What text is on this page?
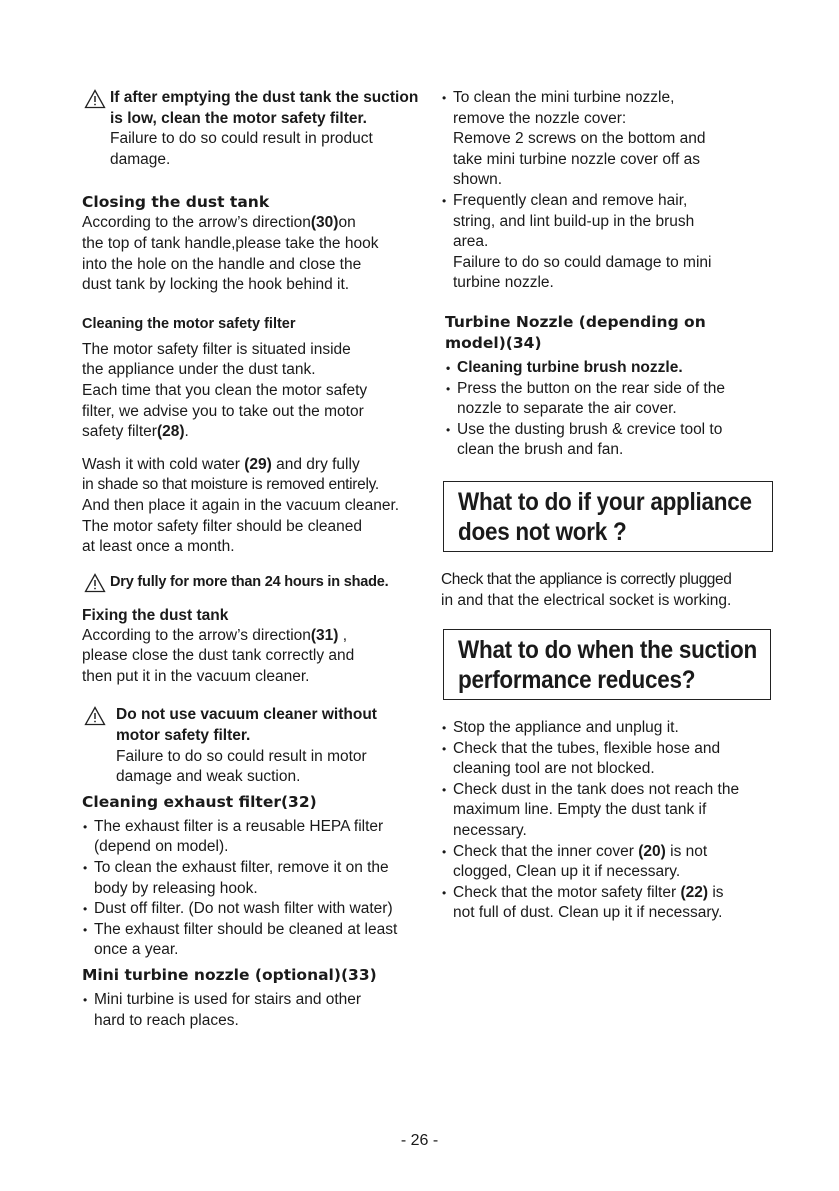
If after emptying the dust tank the suction

is low, clean the motor safety filter.

Failure to do so could result in product

damage.

Closing the dust tank

According to the arrow’s direction(30)on

the top of tank handle,please take the hook

into the hole on the handle and close the

dust tank by locking the hook behind it.

Cleaning the motor safety filter

The motor safety filter is situated inside

the appliance under the dust tank.

Each time that you clean the motor safety

filter, we advise you to take out the motor

safety filter(28).

Wash it with cold water (29) and dry fully

in shade so that moisture is removed entirely.

And then place it again in the vacuum cleaner.

The motor safety filter should be cleaned

at least once a month.

Dry fully for more than 24 hours in shade.

Fixing the dust tank

According to the arrow’s direction(31) ,

please close the dust tank correctly and

then put it in the vacuum cleaner.

Do not use vacuum cleaner without

motor safety filter.

Failure to do so could result in motor

damage and weak suction.

Cleaning exhaust filter(32)

• The exhaust filter is a reusable HEPA filter
(depend on model).
• To clean the exhaust filter, remove it on the
body by releasing hook.
• Dust off filter. (Do not wash filter with water)
• The exhaust filter should be cleaned at least
once a year.

Mini turbine nozzle (optional)(33)

• Mini turbine is used for stairs and other
hard to reach places.
• To clean the mini turbine nozzle,
remove the nozzle cover:
Remove 2 screws on the bottom and
take mini turbine nozzle cover off as
shown.
• Frequently clean and remove hair,
string, and lint build-up in the brush
area.
Failure to do so could damage to mini
turbine nozzle.

Turbine Nozzle (depending on

model)(34)

• Cleaning turbine brush nozzle.
• Press the button on the rear side of the
nozzle to separate the air cover.
• Use the dusting brush & crevice tool to
clean the brush and fan.

What to do if your appliance

does not work ?

Check that the appliance is correctly plugged

in and that the electrical socket is working.

What to do when the suction

performance reduces?

• Stop the appliance and unplug it.
• Check that the tubes, flexible hose and
cleaning tool are not blocked.
• Check dust in the tank does not reach the
maximum line. Empty the dust tank if
necessary.
• Check that the inner cover (20) is not
clogged, Clean up it if necessary.
• Check that the motor safety filter (22) is
not full of dust. Clean up it if necessary.
- 26 -
